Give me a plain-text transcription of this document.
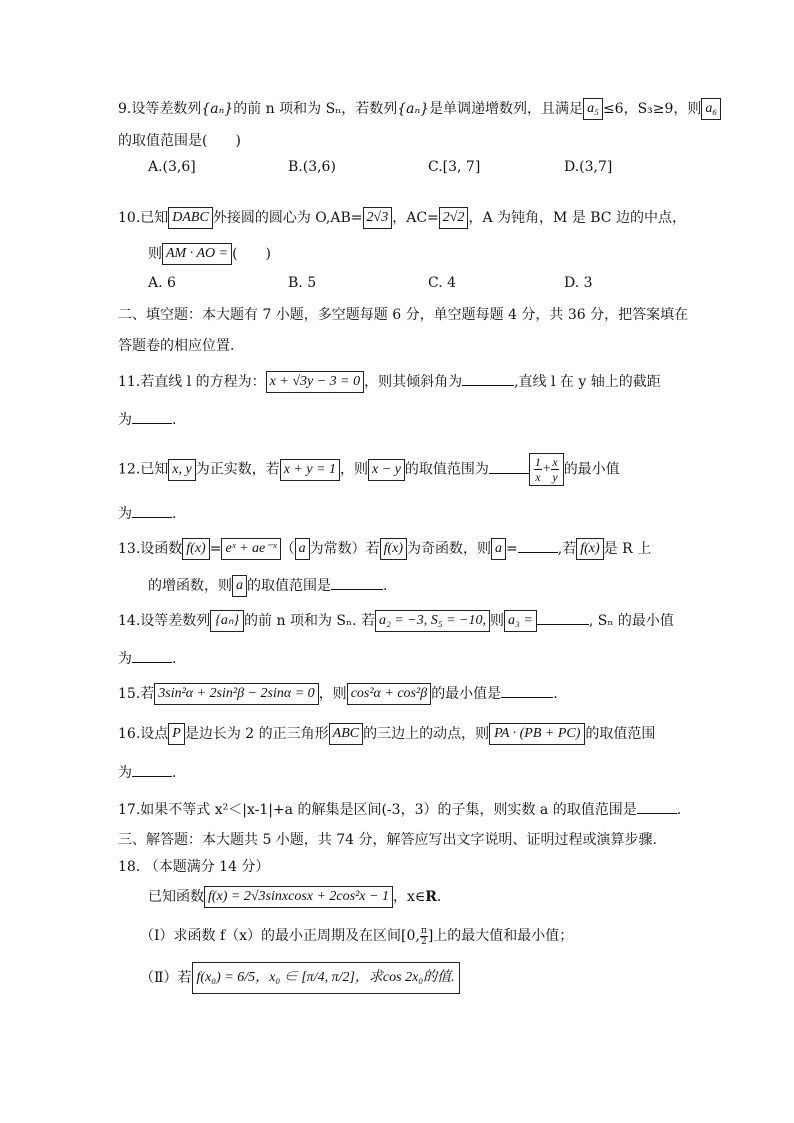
9.设等差数列{aₙ}的前 n 项和为 Sₙ，若数列{aₙ}是单调递增数列，且满足 a₅ ≤6，S₃≥9，则 a₆
的取值范围是(　　)
A.(3,6]	B.(3,6)	C.[3, 7]	D.(3,7]
10.已知 DABC 外接圆的圆心为 O,AB= 2√3 ，AC= 2√2 ，A 为钝角，M 是 BC 边的中点，
则 AM · AO = (　　)
A. 6	B. 5	C. 4	D. 3
二、填空题：本大题有 7 小题，多空题每题 6 分，单空题每题 4 分，共 36 分，把答案填在
答题卷的相应位置.
11.若直线 l 的方程为： x + √3y − 3 = 0 ，则其倾斜角为	,直线 l 在 y 轴上的截距
为	.
12.已知 x, y 为正实数，若 x + y = 1 ，则 x − y 的取值范围为	$\frac{1}{x} + \frac{x}{y}$ 的最小值
为	.
13.设函数 f(x) = eˣ + ae⁻ˣ （ a 为常数）若 f(x) 为奇函数，则 a =	,若 f(x) 是 R 上
的增函数，则 a 的取值范围是	.
14.设等差数列 {aₙ} 的前 n 项和为 Sₙ. 若 a₂ = −3, S₅ = −10, 则 a₃ =	, Sₙ 的最小值
为	.
15.若 3sin²α + 2sin²β − 2sinα = 0 ，则 cos²α + cos²β 的最小值是	.
16.设点 P 是边长为 2 的正三角形 ABC 的三边上的动点，则 PA · (PB + PC) 的取值范围
为	.
17.如果不等式 x²＜|x-1|+a 的解集是区间(-3，3）的子集，则实数 a 的取值范围是	.
三、解答题：本大题共 5 小题，共 74 分，解答应写出文字说明、证明过程或演算步骤.
18. （本题满分 14 分）
已知函数 f(x) = 2√3sinxcosx + 2cos²x − 1 ，x∈R.
（Ⅰ）求函数 f（x）的最小正周期及在区间[0, $\frac{\pi}{2}$ ]上的最大值和最小值；
（Ⅱ）若 f(x₀) = 6/5，x₀ ∈ [π/4, π/2]，求cos 2x₀的值.
